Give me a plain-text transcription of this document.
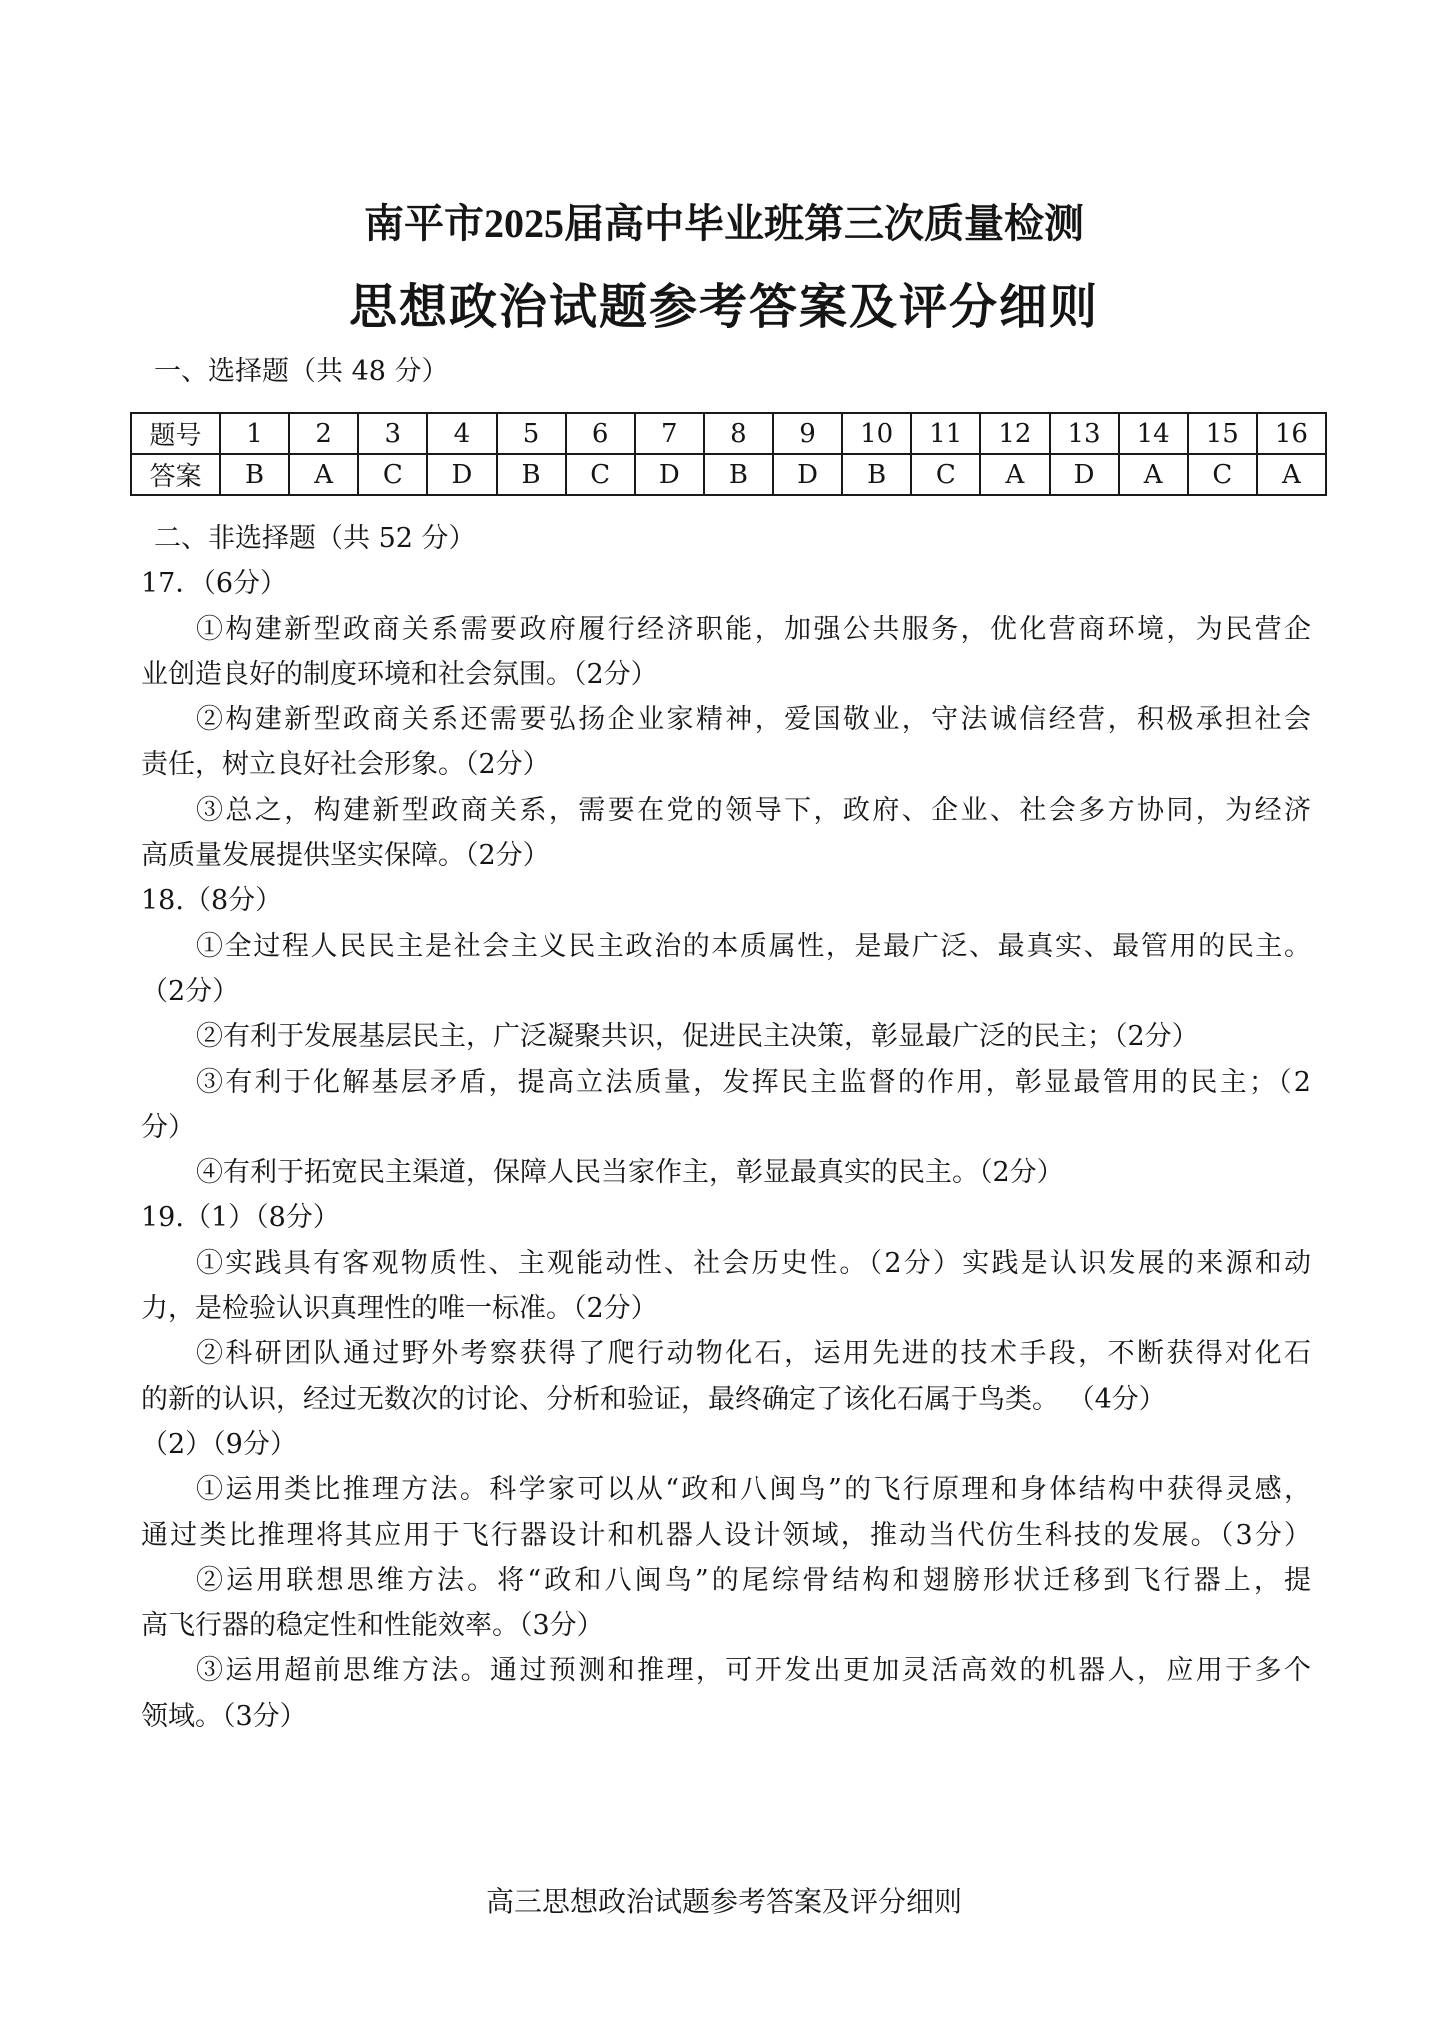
南平市2025届高中毕业班第三次质量检测
思想政治试题参考答案及评分细则
一、选择题（共 48 分）
题号	1	2	3	4	5	6	7	8	9	10	11	12	13	14	15	16
答案	B	A	C	D	B	C	D	B	D	B	C	A	D	A	C	A
二、非选择题（共 52 分）
17．（6分）
①构建新型政商关系需要政府履行经济职能，加强公共服务，优化营商环境，为民营企
业创造良好的制度环境和社会氛围。（2分）
②构建新型政商关系还需要弘扬企业家精神，爱国敬业，守法诚信经营，积极承担社会
责任，树立良好社会形象。（2分）
③总之，构建新型政商关系，需要在党的领导下，政府、企业、社会多方协同，为经济
高质量发展提供坚实保障。（2分）
18.（8分）
①全过程人民民主是社会主义民主政治的本质属性，是最广泛、最真实、最管用的民主。
（2分）
②有利于发展基层民主，广泛凝聚共识，促进民主决策，彰显最广泛的民主；（2分）
③有利于化解基层矛盾，提高立法质量，发挥民主监督的作用，彰显最管用的民主；（2
分）
④有利于拓宽民主渠道，保障人民当家作主，彰显最真实的民主。（2分）
19.（1）（8分）
①实践具有客观物质性、主观能动性、社会历史性。（2分）实践是认识发展的来源和动
力，是检验认识真理性的唯一标准。（2分）
②科研团队通过野外考察获得了爬行动物化石，运用先进的技术手段，不断获得对化石
的新的认识，经过无数次的讨论、分析和验证，最终确定了该化石属于鸟类。 （4分）
（2）（9分）
①运用类比推理方法。科学家可以从“政和八闽鸟”的飞行原理和身体结构中获得灵感，
通过类比推理将其应用于飞行器设计和机器人设计领域，推动当代仿生科技的发展。（3分）
②运用联想思维方法。将“政和八闽鸟”的尾综骨结构和翅膀形状迁移到飞行器上，提
高飞行器的稳定性和性能效率。（3分）
③运用超前思维方法。通过预测和推理，可开发出更加灵活高效的机器人，应用于多个
领域。（3分）
高三思想政治试题参考答案及评分细则
